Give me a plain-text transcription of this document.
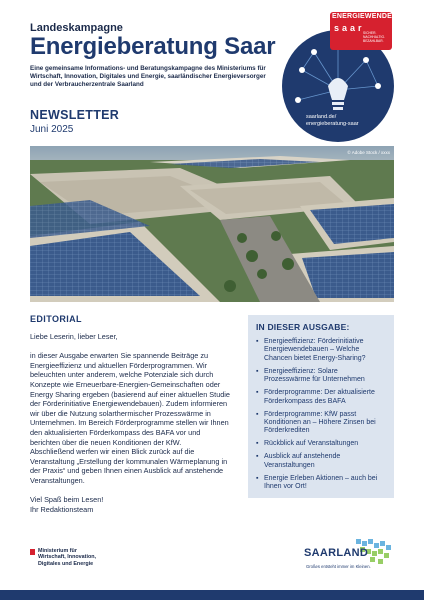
Landeskampagne
Energieberatung Saar
Eine gemeinsame Informations- und Beratungskampagne des Ministeriums für Wirtschaft, Innovation, Digitales und Energie, saarländischer Energieversorger und der Verbraucherzentrale Saarland
NEWSLETTER
Juni 2025
ENERGIEWENDE
saar
SICHER. NACHHALTIG. BEZAHLBAR.
saarland.de/
energieberatung-saar
© Adobe Stock / xxxx
EDITORIAL

Liebe Leserin, lieber Leser,

in dieser Ausgabe erwarten Sie spannende Beiträge zu Energieeffizienz und aktuellen Förderprogrammen. Wir beleuchten unter anderem, welche Potenziale sich durch Konzepte wie Erneuerbare-Energien-Gemeinschaften oder Energy Sharing ergeben (basierend auf einer aktuellen Studie der Förderinitiative Energiewendebauen). Zudem informieren wir über die Nutzung solarthermischer Prozesswärme in Unternehmen. Im Bereich Förderprogramme stellen wir Ihnen den aktualisierten Förderkompass des BAFA vor und berichten über die neuen Konditionen der KfW.

Abschließend werfen wir einen Blick zurück auf die Veranstaltung „Erstellung der kommunalen Wärmeplanung in der Praxis“ und geben Ihnen einen Ausblick auf anstehende Veranstaltungen.

Viel Spaß beim Lesen!

Ihr Redaktionsteam

IN DIESER AUSGABE:
▪ Energieeffizienz: Förderinitiative Energiewendebauen – Welche Chancen bietet Energy-Sharing?
▪ Energieeffizienz: Solare Prozesswärme für Unternehmen
▪ Förderprogramme: Der aktualisierte Förderkompass des BAFA
▪ Förderprogramme: KfW passt Konditionen an – Höhere Zinsen bei Förderkrediten
▪ Rückblick auf Veranstaltungen
▪ Ausblick auf anstehende Veranstaltungen
▪ Energie Erleben Aktionen – auch bei Ihnen vor Ort!
Ministerium für
Wirtschaft, Innovation,
Digitales und Energie
SAARLAND
Großes entsteht immer im Kleinen.
